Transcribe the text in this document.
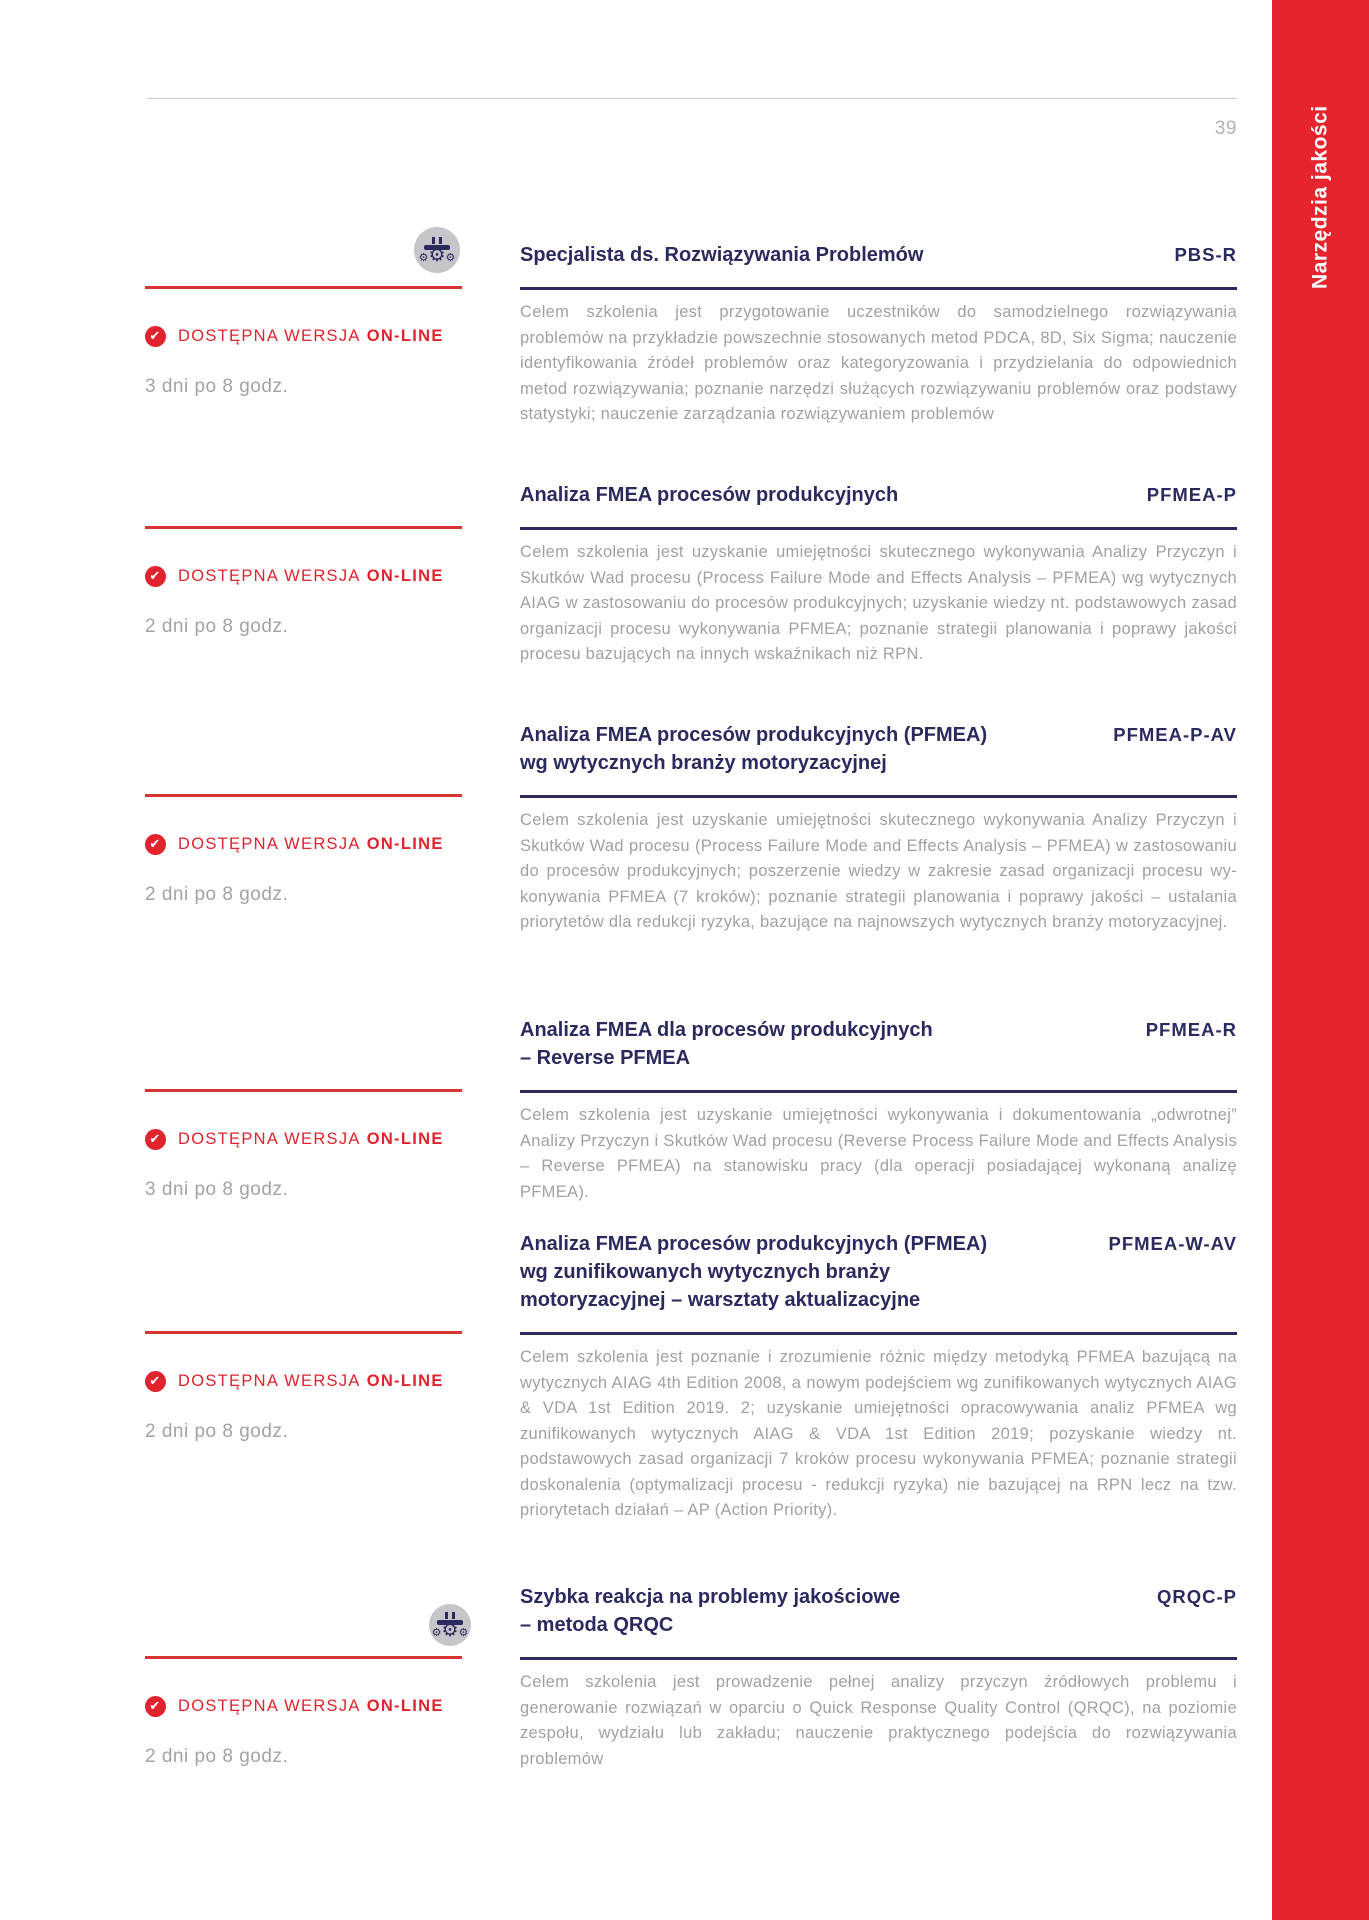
39	Narzędzia jakości
⚙⚙⚙	Specjalista ds. Rozwiązywania Problemów	PBS-R
Celem szkolenia jest przygotowanie uczestników do samodzielnego rozwiązywania problemów na przykładzie powszechnie stosowanych metod PDCA, 8D, Six Sigma; nauczenie identyfikowania źródeł problemów oraz kategoryzowania i przydzielania do odpowiednich metod rozwiązywania; poznanie narzędzi służących rozwiązywaniu problemów oraz podstawy statystyki; nauczenie zarządzania rozwiązywaniem problemów
✔ DOSTĘPNA WERSJA ON-LINE
3 dni po 8 godz.
Analiza FMEA procesów produkcyjnych	PFMEA-P
Celem szkolenia jest uzyskanie umiejętności skutecznego wykonywania Analizy Przyczyn i Skutków Wad procesu (Process Failure Mode and Effects Analysis – PFMEA) wg wytycznych AIAG w zastosowaniu do procesów produkcyjnych; uzyskanie wiedzy nt. podstawowych zasad organizacji procesu wykonywania PFMEA; poznanie strategii planowania i poprawy jakości procesu bazujących na innych wskaźnikach niż RPN.
✔ DOSTĘPNA WERSJA ON-LINE
2 dni po 8 godz.
Analiza FMEA procesów produkcyjnych (PFMEA)
wg wytycznych branży motoryzacyjnej
PFMEA-P-AV
Celem szkolenia jest uzyskanie umiejętności skutecznego wykonywania Analizy Przyczyn i Skutków Wad procesu (Process Failure Mode and Effects Analysis – PFMEA) w zastosowaniu do procesów produkcyjnych; poszerzenie wiedzy w zakresie zasad organizacji procesu wy-konywania PFMEA (7 kroków); poznanie strategii planowania i poprawy jakości – ustalania priorytetów dla redukcji ryzyka, bazujące na najnowszych wytycznych branży motoryzacyjnej.
✔ DOSTĘPNA WERSJA ON-LINE
2 dni po 8 godz.
Analiza FMEA dla procesów produkcyjnych
– Reverse PFMEA
PFMEA-R
Celem szkolenia jest uzyskanie umiejętności wykonywania i dokumentowania „odwrotnej” Analizy Przyczyn i Skutków Wad procesu (Reverse Process Failure Mode and Effects Analysis – Reverse PFMEA) na stanowisku pracy (dla operacji posiadającej wykonaną analizę PFMEA).
✔ DOSTĘPNA WERSJA ON-LINE
3 dni po 8 godz.
Analiza FMEA procesów produkcyjnych (PFMEA)
wg zunifikowanych wytycznych branży
motoryzacyjnej – warsztaty aktualizacyjne
PFMEA-W-AV
Celem szkolenia jest poznanie i zrozumienie różnic między metodyką PFMEA bazującą na wytycznych AIAG 4th Edition 2008, a nowym podejściem wg zunifikowanych wytycznych AIAG & VDA 1st Edition 2019. 2; uzyskanie umiejętności opracowywania analiz PFMEA wg zunifikowanych wytycznych AIAG & VDA 1st Edition 2019; pozyskanie wiedzy nt. podstawowych zasad organizacji 7 kroków procesu wykonywania PFMEA; poznanie strategii doskonalenia (optymalizacji procesu - redukcji ryzyka) nie bazującej na RPN lecz na tzw. priorytetach działań – AP (Action Priority).
✔ DOSTĘPNA WERSJA ON-LINE
2 dni po 8 godz.
⚙⚙⚙
Szybka reakcja na problemy jakościowe
– metoda QRQC
QRQC-P
Celem szkolenia jest prowadzenie pełnej analizy przyczyn źródłowych problemu i generowanie rozwiązań w oparciu o Quick Response Quality Control (QRQC), na poziomie zespołu, wydziału lub zakładu; nauczenie praktycznego podejścia do rozwiązywania problemów
✔ DOSTĘPNA WERSJA ON-LINE
2 dni po 8 godz.
